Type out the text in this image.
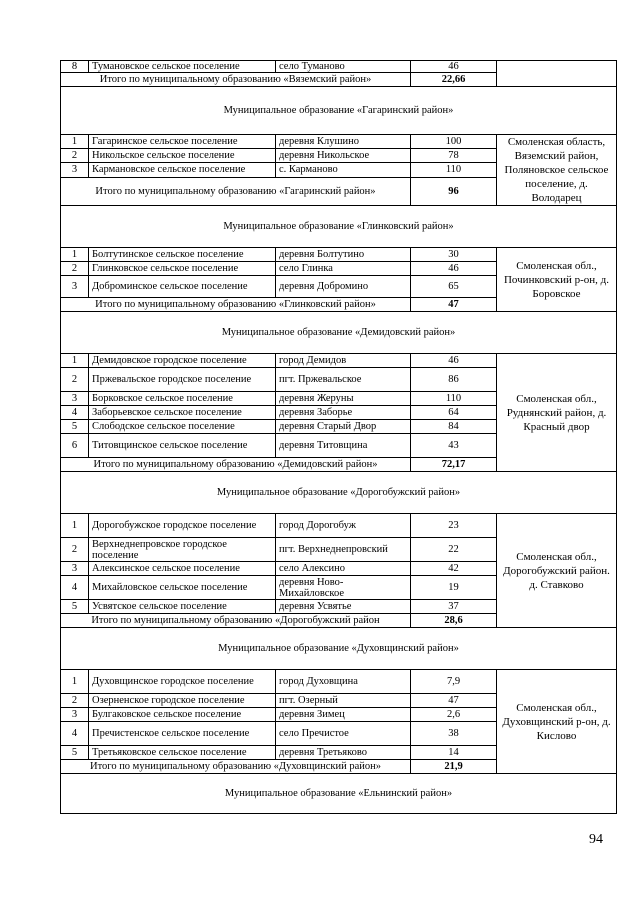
8	Тумановское сельское поселение	село Туманово	46	
Итого по муниципальному образованию «Вяземский район»			22,66	
Муниципальное образование «Гагаринский район»				
1	Гагаринское сельское поселение	деревня Клушино	100	Смоленская область, Вяземский район, Поляновское сельское поселение, д. Володарец
2	Никольское сельское поселение	деревня Никольское	78	
3	Кармановское сельское поселение	с. Карманово	110	
Итого по муниципальному образованию «Гагаринский район»			96	
Муниципальное образование «Глинковский район»				
1	Болтутинское сельское поселение	деревня Болтутино	30	Смоленская обл., Починковский р-он, д. Боровское
2	Глинковское сельское поселение	село Глинка	46	
3	Доброминское сельское поселение	деревня Добромино	65	
Итого по муниципальному образованию «Глинковский район»			47	
Муниципальное образование «Демидовский район»				
1	Демидовское городское поселение	город Демидов	46	Смоленская обл., Руднянский район, д. Красный двор
2	Пржевальское городское поселение	пгт. Пржевальское	86	
3	Борковское сельское поселение	деревня Жеруны	110	
4	Заборьевское сельское поселение	деревня Заборье	64	
5	Слободское сельское поселение	деревня Старый Двор	84	
6	Титовщинское сельское поселение	деревня Титовщина	43	
Итого по муниципальному образованию «Демидовский район»			72,17	
Муниципальное образование «Дорогобужский район»				
1	Дорогобужское городское поселение	город Дорогобуж	23	Смоленская обл., Дорогобужский район. д. Ставково
2	Верхнеднепровское городское поселение	пгт. Верхнеднепровский	22	
3	Алексинское сельское поселение	село Алексино	42	
4	Михайловское сельское поселение	деревня Ново-Михайловское	19	
5	Усвятское сельское поселение	деревня Усвятье	37	
Итого по муниципальному образованию «Дорогобужский район			28,6	
Муниципальное образование «Духовщинский район»				
1	Духовщинское городское поселение	город Духовщина	7,9	Смоленская обл., Духовщинский р-он, д. Кислово
2	Озерненское городское поселение	пгт. Озерный	47	
3	Булгаковское сельское поселение	деревня Зимец	2,6	
4	Пречистенское сельское поселение	село Пречистое	38	
5	Третьяковское сельское поселение	деревня Третьяково	14	
Итого по муниципальному образованию «Духовщинский район»			21,9	
Муниципальное образование «Ельнинский район»				
94
